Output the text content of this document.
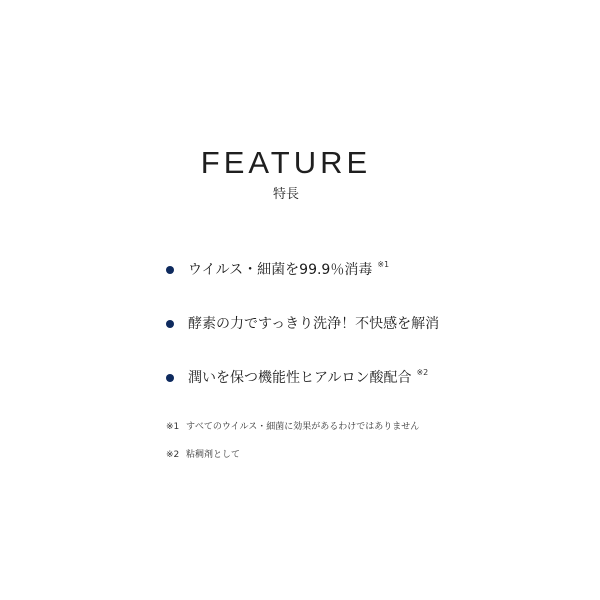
FEATURE
特長
ウイルス・細菌を99.9％消毒 ※1
酵素の力ですっきり洗浄！不快感を解消
潤いを保つ機能性ヒアルロン酸配合 ※2
※1 すべてのウイルス・細菌に効果があるわけではありません
※2 粘稠剤として
